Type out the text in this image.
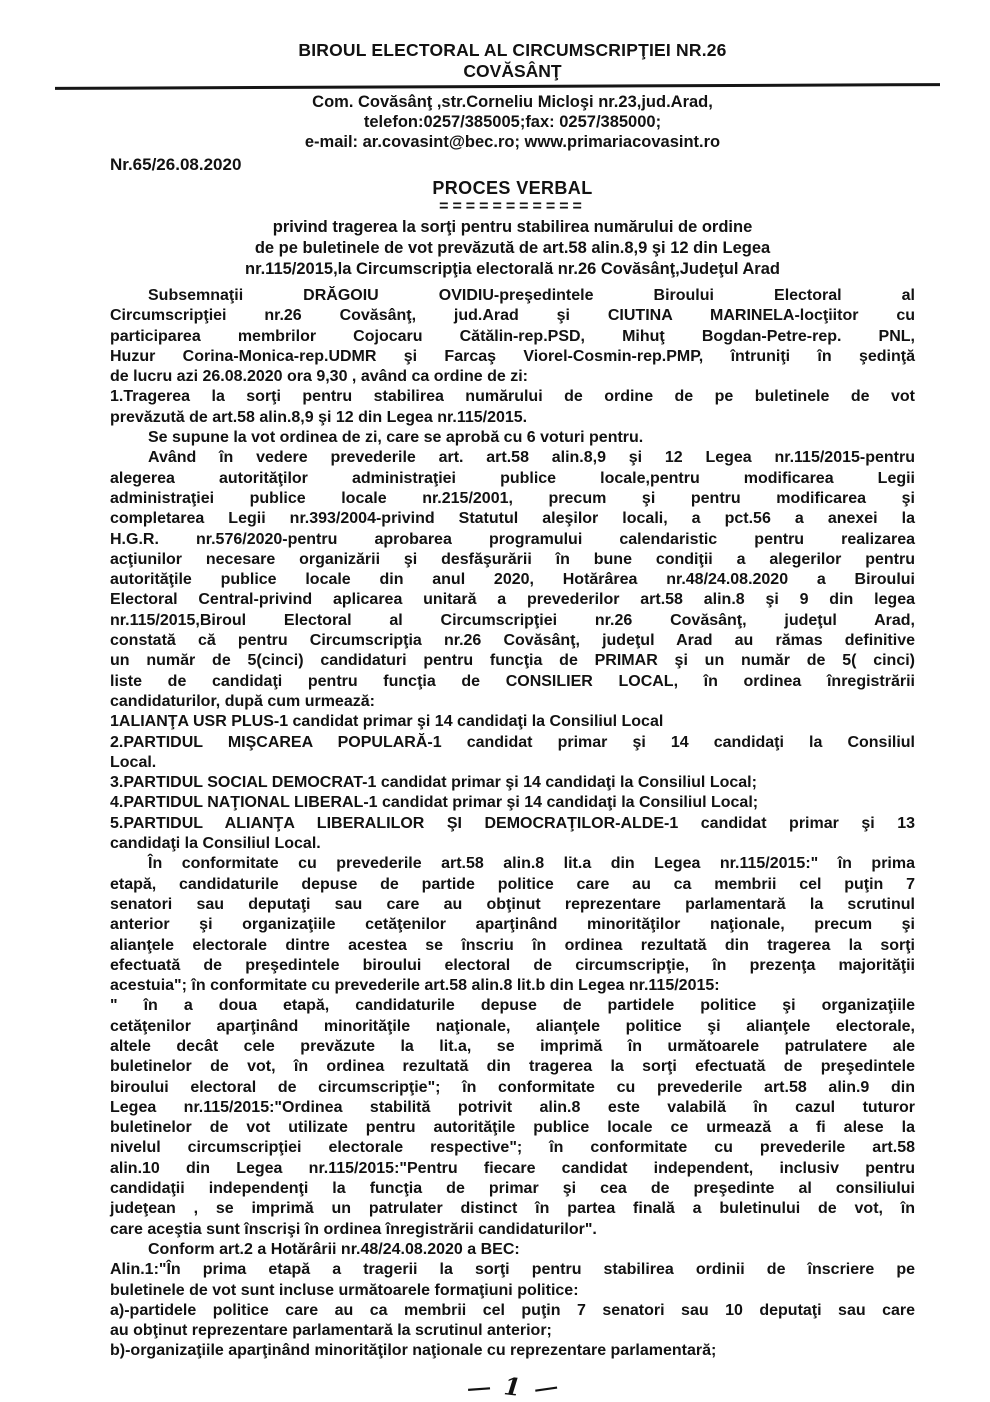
BIROUL ELECTORAL AL CIRCUMSCRIPŢIEI NR.26
COVĂSÂNŢ
Com. Covăsânţ ,str.Corneliu Micloşi nr.23,jud.Arad,
telefon:0257/385005;fax: 0257/385000;
e-mail: ar.covasint@bec.ro; www.primariacovasint.ro
Nr.65/26.08.2020
PROCES VERBAL
===========
privind tragerea la sorţi pentru stabilirea numărului de ordine
de pe buletinele de vot prevăzută de art.58 alin.8,9 şi 12 din Legea
nr.115/2015,la Circumscripţia electorală nr.26 Covăsânţ,Judeţul Arad
Subsemnaţii DRĂGOIU OVIDIU-preşedintele Biroului Electoral al
Circumscripţiei nr.26 Covăsânţ, jud.Arad şi CIUTINA MARINELA-locţiitor cu
participarea membrilor Cojocaru Cătălin-rep.PSD, Mihuţ Bogdan-Petre-rep. PNL,
Huzur Corina-Monica-rep.UDMR şi Farcaş Viorel-Cosmin-rep.PMP, întruniţi în şedinţă
de lucru azi 26.08.2020 ora 9,30 , având ca ordine de zi:
1.Tragerea la sorţi pentru stabilirea numărului de ordine de pe buletinele de vot
prevăzută de art.58 alin.8,9 şi 12 din Legea nr.115/2015.
Se supune la vot ordinea de zi, care se aprobă cu 6 voturi pentru.
Având în vedere prevederile art. art.58 alin.8,9 şi 12 Legea nr.115/2015-pentru
alegerea autorităţilor administraţiei publice locale,pentru modificarea Legii
administraţiei publice locale nr.215/2001, precum şi pentru modificarea şi
completarea Legii nr.393/2004-privind Statutul aleşilor locali, a pct.56 a anexei la
H.G.R. nr.576/2020-pentru aprobarea programului calendaristic pentru realizarea
acţiunilor necesare organizării şi desfăşurării în bune condiţii a alegerilor pentru
autorităţile publice locale din anul 2020, Hotărârea nr.48/24.08.2020 a Biroului
Electoral Central-privind aplicarea unitară a prevederilor art.58 alin.8 şi 9 din legea
nr.115/2015,Biroul Electoral al Circumscripţiei nr.26 Covăsânţ, judeţul Arad,
constată că pentru Circumscripţia nr.26 Covăsânţ, judeţul Arad au rămas definitive
un număr de 5(cinci) candidaturi pentru funcţia de PRIMAR şi un număr de 5( cinci)
liste de candidaţi pentru funcţia de CONSILIER LOCAL, în ordinea înregistrării
candidaturilor, după cum urmează:
1ALIANŢA USR PLUS-1 candidat primar şi 14 candidaţi la Consiliul Local
2.PARTIDUL MIŞCAREA POPULARĂ-1 candidat primar şi 14 candidaţi la Consiliul
Local.
3.PARTIDUL SOCIAL DEMOCRAT-1 candidat primar şi 14 candidaţi la Consiliul Local;
4.PARTIDUL NAŢIONAL LIBERAL-1 candidat primar şi 14 candidaţi la Consiliul Local;
5.PARTIDUL ALIANŢA LIBERALILOR ŞI DEMOCRAŢILOR-ALDE-1 candidat primar şi 13
candidaţi la Consiliul Local.
În conformitate cu prevederile art.58 alin.8 lit.a din Legea nr.115/2015:" în prima
etapă, candidaturile depuse de partide politice care au ca membrii cel puţin 7
senatori sau deputaţi sau care au obţinut reprezentare parlamentară la scrutinul
anterior şi organizaţiile cetăţenilor aparţinând minorităţilor naţionale, precum şi
alianţele electorale dintre acestea se înscriu în ordinea rezultată din tragerea la sorţi
efectuată de preşedintele biroului electoral de circumscripţie, în prezenţa majorităţii
acestuia"; în conformitate cu prevederile art.58 alin.8 lit.b din Legea nr.115/2015:
" în a doua etapă, candidaturile depuse de partidele politice şi organizaţiile
cetăţenilor aparţinând minorităţile naţionale, alianţele politice şi alianţele electorale,
altele decât cele prevăzute la lit.a, se imprimă în următoarele patrulatere ale
buletinelor de vot, în ordinea rezultată din tragerea la sorţi efectuată de preşedintele
biroului electoral de circumscripţie"; în conformitate cu prevederile art.58 alin.9 din
Legea nr.115/2015:"Ordinea stabilită potrivit alin.8 este valabilă în cazul tuturor
buletinelor de vot utilizate pentru autorităţile publice locale ce urmează a fi alese la
nivelul circumscripţiei electorale respective"; în conformitate cu prevederile art.58
alin.10 din Legea nr.115/2015:"Pentru fiecare candidat independent, inclusiv pentru
candidaţii independenţi la funcţia de primar şi cea de preşedinte al consiliului
judeţean , se imprimă un patrulater distinct în partea finală a buletinului de vot, în
care aceştia sunt înscrişi în ordinea înregistrării candidaturilor".
Conform art.2 a Hotărârii nr.48/24.08.2020 a BEC:
Alin.1:"În prima etapă a tragerii la sorţi pentru stabilirea ordinii de înscriere pe
buletinele de vot sunt incluse următoarele formaţiuni politice:
a)-partidele politice care au ca membrii cel puţin 7 senatori sau 10 deputaţi sau care
au obţinut reprezentare parlamentară la scrutinul anterior;
b)-organizaţiile aparţinând minorităţilor naţionale cu reprezentare parlamentară;
— 1 —
